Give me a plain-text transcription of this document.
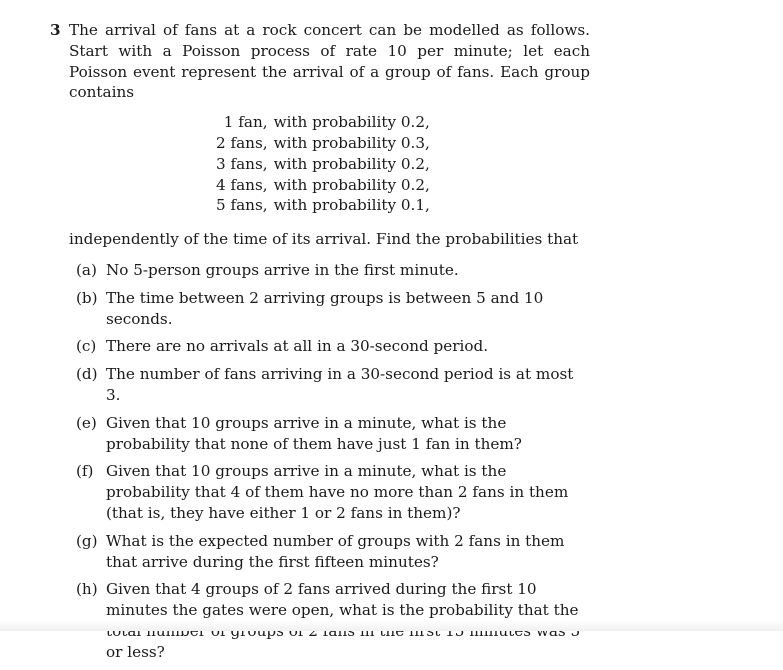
3 The arrival of fans at a rock concert can be modelled as follows. Start with a Poisson process of rate 10 per minute; let each Poisson event represent the arrival of a group of fans. Each group contains
1 fan,	with probability 0.2,
2 fans,	with probability 0.3,
3 fans,	with probability 0.2,
4 fans,	with probability 0.2,
5 fans,	with probability 0.1,
independently of the time of its arrival. Find the probabilities that
(a) No 5-person groups arrive in the first minute.
(b) The time between 2 arriving groups is between 5 and 10 seconds.
(c) There are no arrivals at all in a 30-second period.
(d) The number of fans arriving in a 30-second period is at most 3.
(e) Given that 10 groups arrive in a minute, what is the probability that none of them have just 1 fan in them?
(f) Given that 10 groups arrive in a minute, what is the probability that 4 of them have no more than 2 fans in them (that is, they have either 1 or 2 fans in them)?
(g) What is the expected number of groups with 2 fans in them that arrive during the first fifteen minutes?
(h) Given that 4 groups of 2 fans arrived during the first 10 minutes the gates were open, what is the probability that the or less?
